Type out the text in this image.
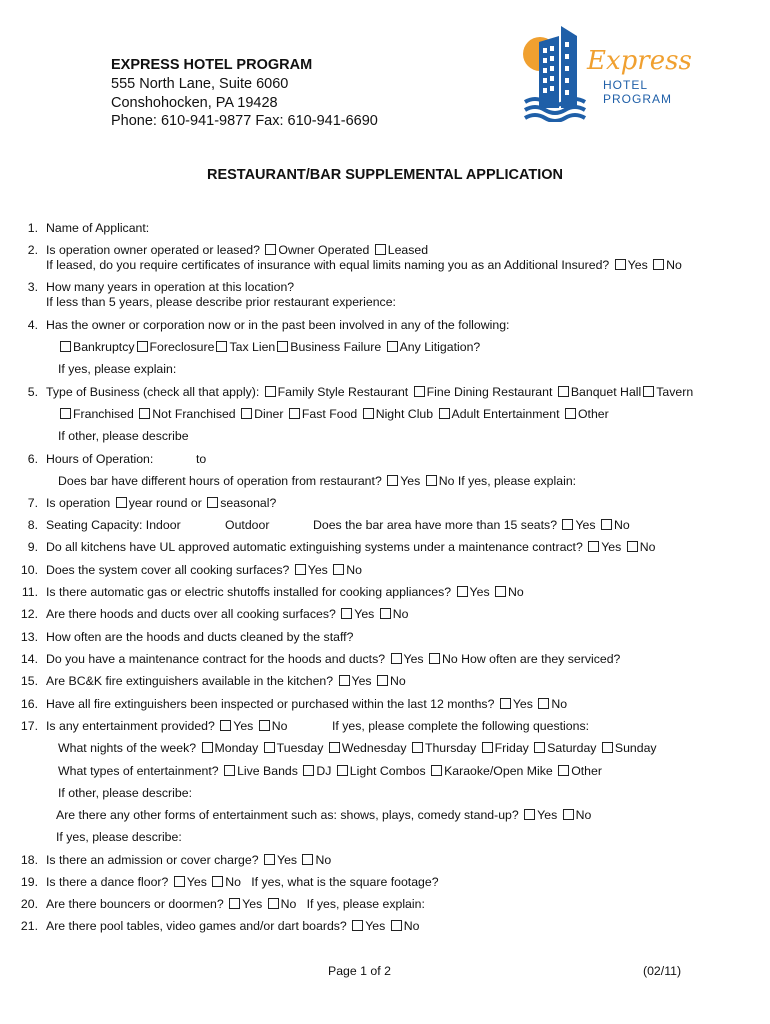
EXPRESS HOTEL PROGRAM
555 North Lane, Suite 6060
Conshohocken, PA 19428
Phone: 610-941-9877 Fax: 610-941-6690
Express
HOTEL
PROGRAM
RESTAURANT/BAR SUPPLEMENTAL APPLICATION
1. Name of Applicant:
2. Is operation owner operated or leased? Owner Operated Leased
If leased, do you require certificates of insurance with equal limits naming you as an Additional Insured? Yes No
3. How many years in operation at this location?
If less than 5 years, please describe prior restaurant experience:
4. Has the owner or corporation now or in the past been involved in any of the following:
Bankruptcy Foreclosure Tax Lien Business Failure Any Litigation?
If yes, please explain:
5. Type of Business (check all that apply): Family Style Restaurant Fine Dining Restaurant Banquet Hall Tavern
Franchised Not Franchised Diner Fast Food Night Club Adult Entertainment Other
If other, please describe
6. Hours of Operation:	to
Does bar have different hours of operation from restaurant? Yes No If yes, please explain:
7. Is operation year round or seasonal?
8. Seating Capacity: Indoor	Outdoor	Does the bar area have more than 15 seats? Yes No
9. Do all kitchens have UL approved automatic extinguishing systems under a maintenance contract? Yes No
10. Does the system cover all cooking surfaces? Yes No
11. Is there automatic gas or electric shutoffs installed for cooking appliances? Yes No
12. Are there hoods and ducts over all cooking surfaces? Yes No
13. How often are the hoods and ducts cleaned by the staff?
14. Do you have a maintenance contract for the hoods and ducts? Yes No How often are they serviced?
15. Are BC&K fire extinguishers available in the kitchen? Yes No
16. Have all fire extinguishers been inspected or purchased within the last 12 months? Yes No
17. Is any entertainment provided? Yes No	If yes, please complete the following questions:
What nights of the week? Monday Tuesday Wednesday Thursday Friday Saturday Sunday
What types of entertainment? Live Bands DJ Light Combos Karaoke/Open Mike Other
If other, please describe:
Are there any other forms of entertainment such as: shows, plays, comedy stand-up? Yes No
If yes, please describe:
18. Is there an admission or cover charge? Yes No
19. Is there a dance floor? Yes No If yes, what is the square footage?
20. Are there bouncers or doormen? Yes No If yes, please explain:
21. Are there pool tables, video games and/or dart boards? Yes No
Page 1 of 2	(02/11)
